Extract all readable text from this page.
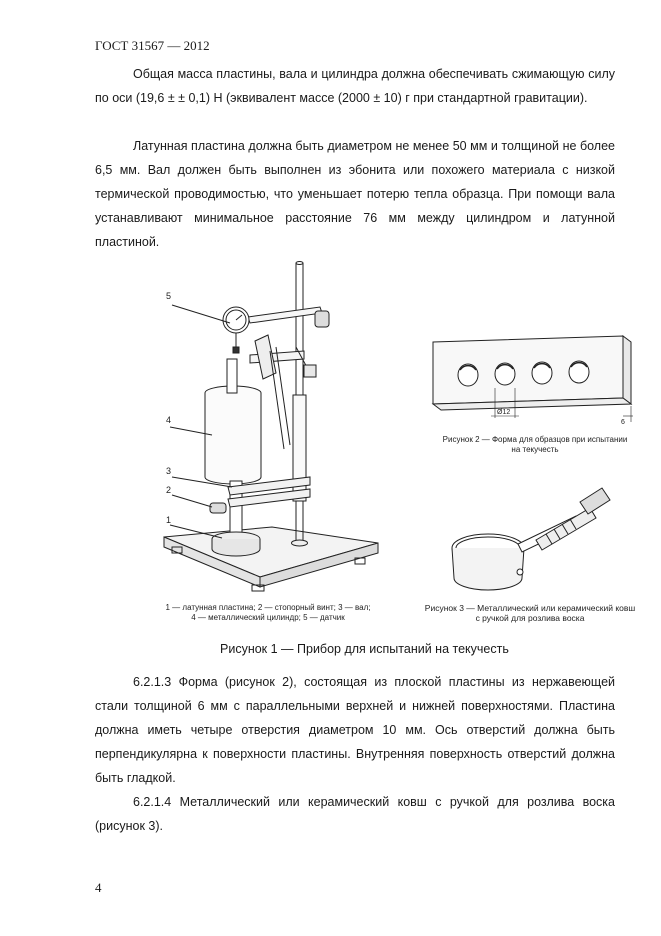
ГОСТ 31567 — 2012

Общая масса пластины, вала и цилиндра должна обеспечивать сжимающую силу по оси (19,6 ± ± 0,1) Н (эквивалент массе (2000 ± 10) г при стандартной гравитации).

Латунная пластина должна быть диаметром не менее 50 мм и толщиной не более 6,5 мм. Вал должен быть выполнен из эбонита или похожего материала с низкой термической проводимостью, что уменьшает потерю тепла образца. При помощи вала устанавливают минимальное расстояние 76 мм между цилиндром и латунной пластиной.

5
4
3
2
1
1 — латунная пластина; 2 — стопорный винт; 3 — вал;
4 — металлический цилиндр; 5 — датчик
Ø12
6
Рисунок 2 — Форма для образцов при испытании
на текучесть
Рисунок 3 — Металлический или керамический ковш
с ручкой для розлива воска
Рисунок 1 — Прибор для испытаний на текучесть

6.2.1.3 Форма (рисунок 2), состоящая из плоской пластины из нержавеющей стали толщиной 6 мм с параллельными верхней и нижней поверхностями. Пластина должна иметь четыре отверстия диаметром 10 мм. Ось отверстий должна быть перпендикулярна к поверхности пластины. Внутренняя поверхность отверстий должна быть гладкой.

6.2.1.4 Металлический или керамический ковш с ручкой для розлива воска (рисунок 3).

4
